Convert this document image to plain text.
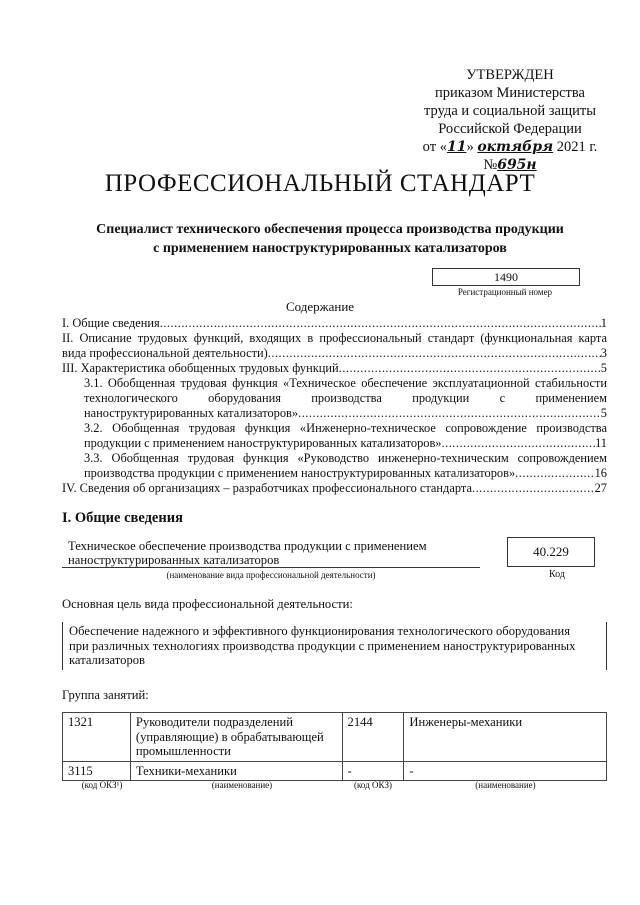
УТВЕРЖДЕН
приказом Министерства
труда и социальной защиты
Российской Федерации
от «11» октября 2021 г. №695н
ПРОФЕССИОНАЛЬНЫЙ СТАНДАРТ
Специалист технического обеспечения процесса производства продукции
с применением наноструктурированных катализаторов
1490
Регистрационный номер
Содержание
I. Общие сведения .....	1
II. Описание трудовых функций, входящих в профессиональный стандарт (функциональная карта
вида профессиональной деятельности) .....	3
III. Характеристика обобщенных трудовых функций .....	5
3.1. Обобщенная трудовая функция «Техническое обеспечение эксплуатационной стабильности
технологического оборудования производства продукции с применением
наноструктурированных катализаторов» .....	5
3.2. Обобщенная трудовая функция «Инженерно-техническое сопровождение производства
продукции с применением наноструктурированных катализаторов» .....	11
3.3. Обобщенная трудовая функция «Руководство инженерно-техническим сопровождением
производства продукции с применением наноструктурированных катализаторов» .....	16
IV. Сведения об организациях – разработчиках профессионального стандарта .....	27
I. Общие сведения
Техническое обеспечение производства продукции с применением
наноструктурированных катализаторов
(наименование вида профессиональной деятельности)
40.229
Код
Основная цель вида профессиональной деятельности:
Обеспечение надежного и эффективного функционирования технологического оборудования
при различных технологиях производства продукции с применением наноструктурированных
катализаторов
Группа занятий:
1321	Руководители подразделений (управляющие) в обрабатывающей промышленности	2144	Инженеры-механики
3115	Техники-механики	-	-
(код ОКЗ¹)	(наименование)	(код ОКЗ)	(наименование)
